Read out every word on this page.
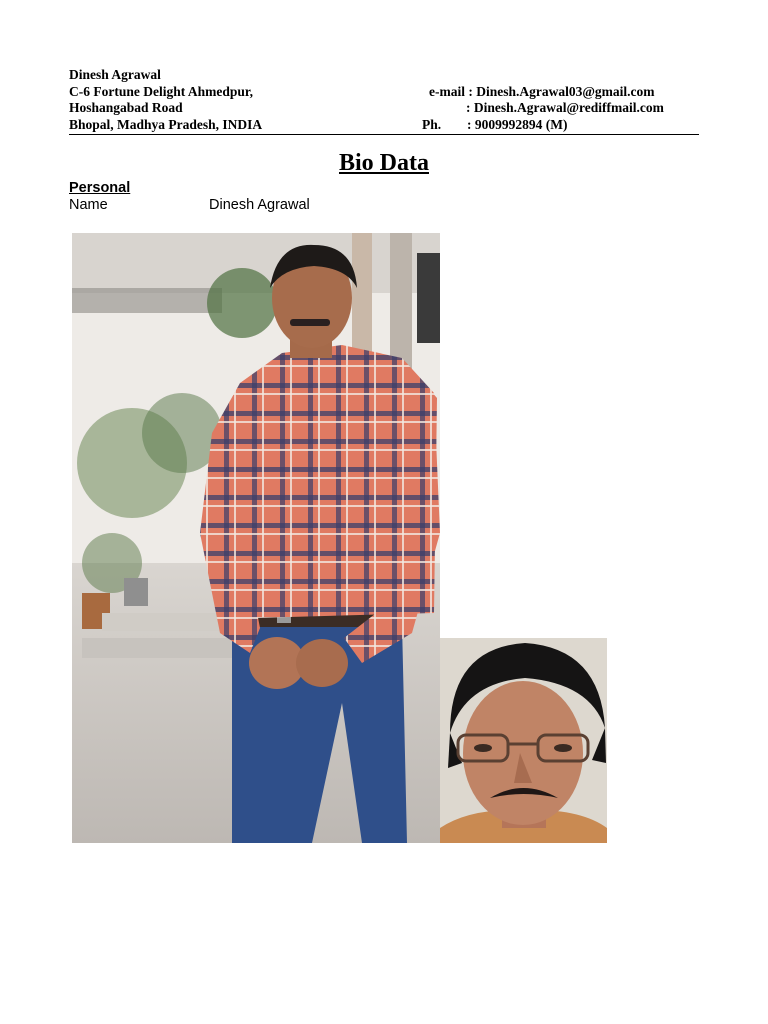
Dinesh Agrawal
C-6 Fortune Delight Ahmedpur,
Hoshangabad Road
Bhopal, Madhya Pradesh, INDIA
e-mail : Dinesh.Agrawal03@gmail.com
: Dinesh.Agrawal@rediffmail.com
Ph. : 9009992894 (M)
Bio Data
Personal
Name	Dinesh Agrawal
